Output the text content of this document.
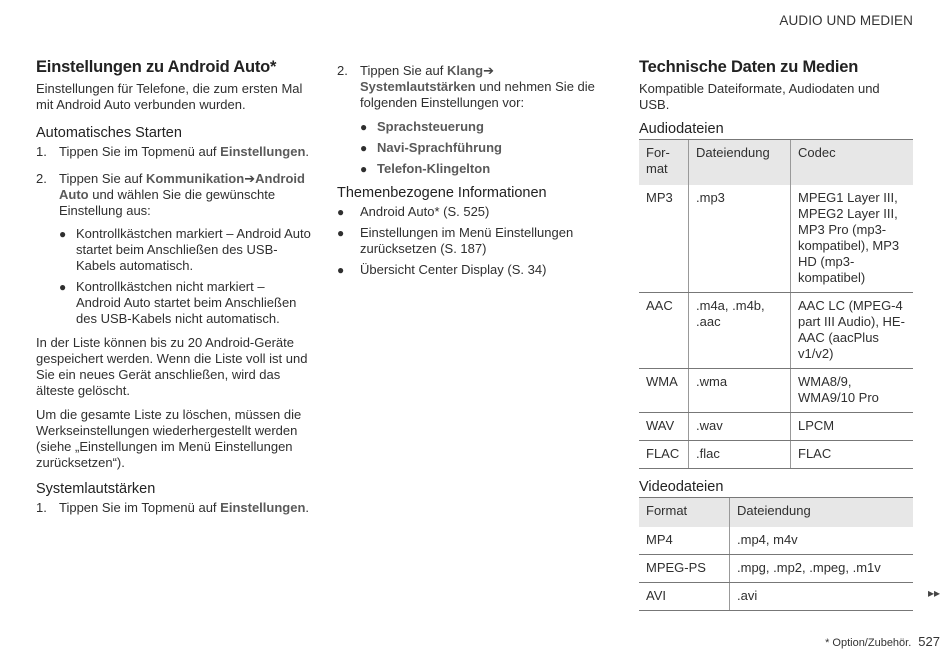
AUDIO UND MEDIEN
Einstellungen zu Android Auto*

Einstellungen für Telefone, die zum ersten Mal mit Android Auto verbunden wurden.

Automatisches Starten
1. Tippen Sie im Topmenü auf Einstellungen.
2. Tippen Sie auf Kommunikation➔Android Auto und wählen Sie die gewünschte Einstellung aus:
● Kontrollkästchen markiert – Android Auto startet beim Anschließen des USB-Kabels automatisch.
● Kontrollkästchen nicht markiert – Android Auto startet beim Anschließen des USB-Kabels nicht automatisch.

In der Liste können bis zu 20 Android-Geräte gespeichert werden. Wenn die Liste voll ist und Sie ein neues Gerät anschließen, wird das älteste gelöscht.

Um die gesamte Liste zu löschen, müssen die Werkseinstellungen wiederhergestellt werden (siehe „Einstellungen im Menü Einstellungen zurücksetzen“).

Systemlautstärken
1. Tippen Sie im Topmenü auf Einstellungen.
2. Tippen Sie auf Klang➔
Systemlautstärken und nehmen Sie die folgenden Einstellungen vor:
● Sprachsteuerung
● Navi-Sprachführung
● Telefon-Klingelton
Themenbezogene Informationen
● Android Auto* (S. 525)
● Einstellungen im Menü Einstellungen zurücksetzen (S. 187)
● Übersicht Center Display (S. 34)
Technische Daten zu Medien

Kompatible Dateiformate, Audiodaten und USB.

Audiodateien
For-mat	Dateiendung	Codec
MP3	.mp3	MPEG1 Layer III, MPEG2 Layer III, MP3 Pro (mp3-kompatibel), MP3 HD (mp3-kompatibel)
AAC	.m4a, .m4b, .aac	AAC LC (MPEG-4 part III Audio), HE-AAC (aacPlus v1/v2)
WMA	.wma	WMA8/9, WMA9/10 Pro
WAV	.wav	LPCM
FLAC	.flac	FLAC
Videodateien
Format	Dateiendung
MP4	.mp4, m4v
MPEG-PS	.mpg, .mp2, .mpeg, .m1v
AVI	.avi	▸▸
* Option/Zubehör. 527
